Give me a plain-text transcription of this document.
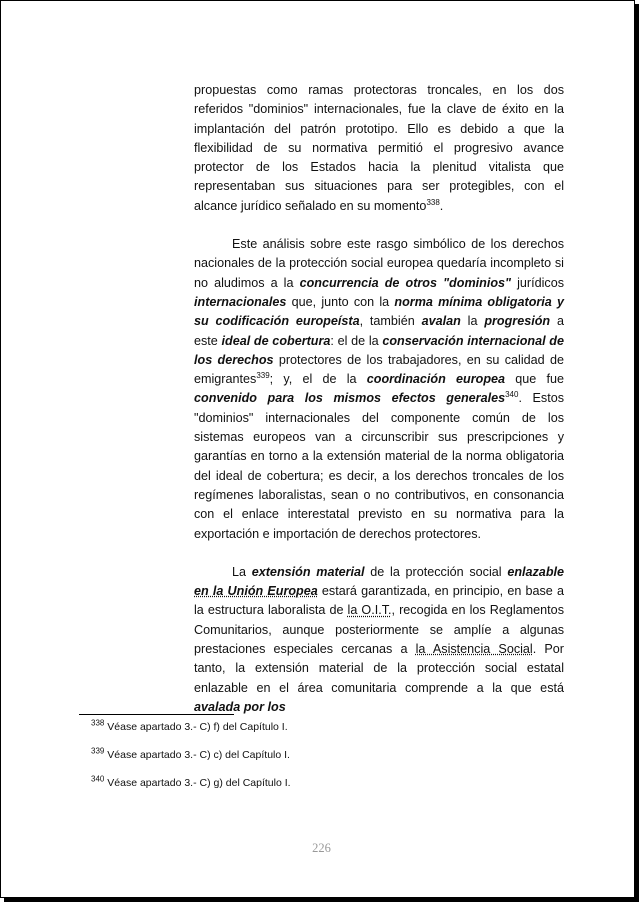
propuestas como ramas protectoras troncales, en los dos referidos "dominios" internacionales, fue la clave de éxito en la implantación del patrón prototipo. Ello es debido a que la flexibilidad de su normativa permitió el progresivo avance protector de los Estados hacia la plenitud vitalista que representaban sus situaciones para ser protegibles, con el alcance jurídico señalado en su momento$^{338}$.

Este análisis sobre este rasgo simbólico de los derechos nacionales de la protección social europea quedaría incompleto si no aludimos a la concurrencia de otros "dominios" jurídicos internacionales que, junto con la norma mínima obligatoria y su codificación europeísta, también avalan la progresión a este ideal de cobertura: el de la conservación internacional de los derechos protectores de los trabajadores, en su calidad de emigrantes$^{339}$; y, el de la coordinación europea que fue convenido para los mismos efectos generales$^{340}$. Estos "dominios" internacionales del componente común de los sistemas europeos van a circunscribir sus prescripciones y garantías en torno a la extensión material de la norma obligatoria del ideal de cobertura; es decir, a los derechos troncales de los regímenes laboralistas, sean o no contributivos, en consonancia con el enlace interestatal previsto en su normativa para la exportación e importación de derechos protectores.

La extensión material de la protección social enlazable en la Unión Europea estará garantizada, en principio, en base a la estructura laboralista de la O.I.T., recogida en los Reglamentos Comunitarios, aunque posteriormente se amplíe a algunas prestaciones especiales cercanas a la Asistencia Social. Por tanto, la extensión material de la protección social estatal enlazable en el área comunitaria comprende a la que está avalada por los

$^{338}$ Véase apartado 3.- C) f) del Capítulo I.
$^{339}$ Véase apartado 3.- C) c) del Capítulo I.
$^{340}$ Véase apartado 3.- C) g) del Capítulo I.
226
